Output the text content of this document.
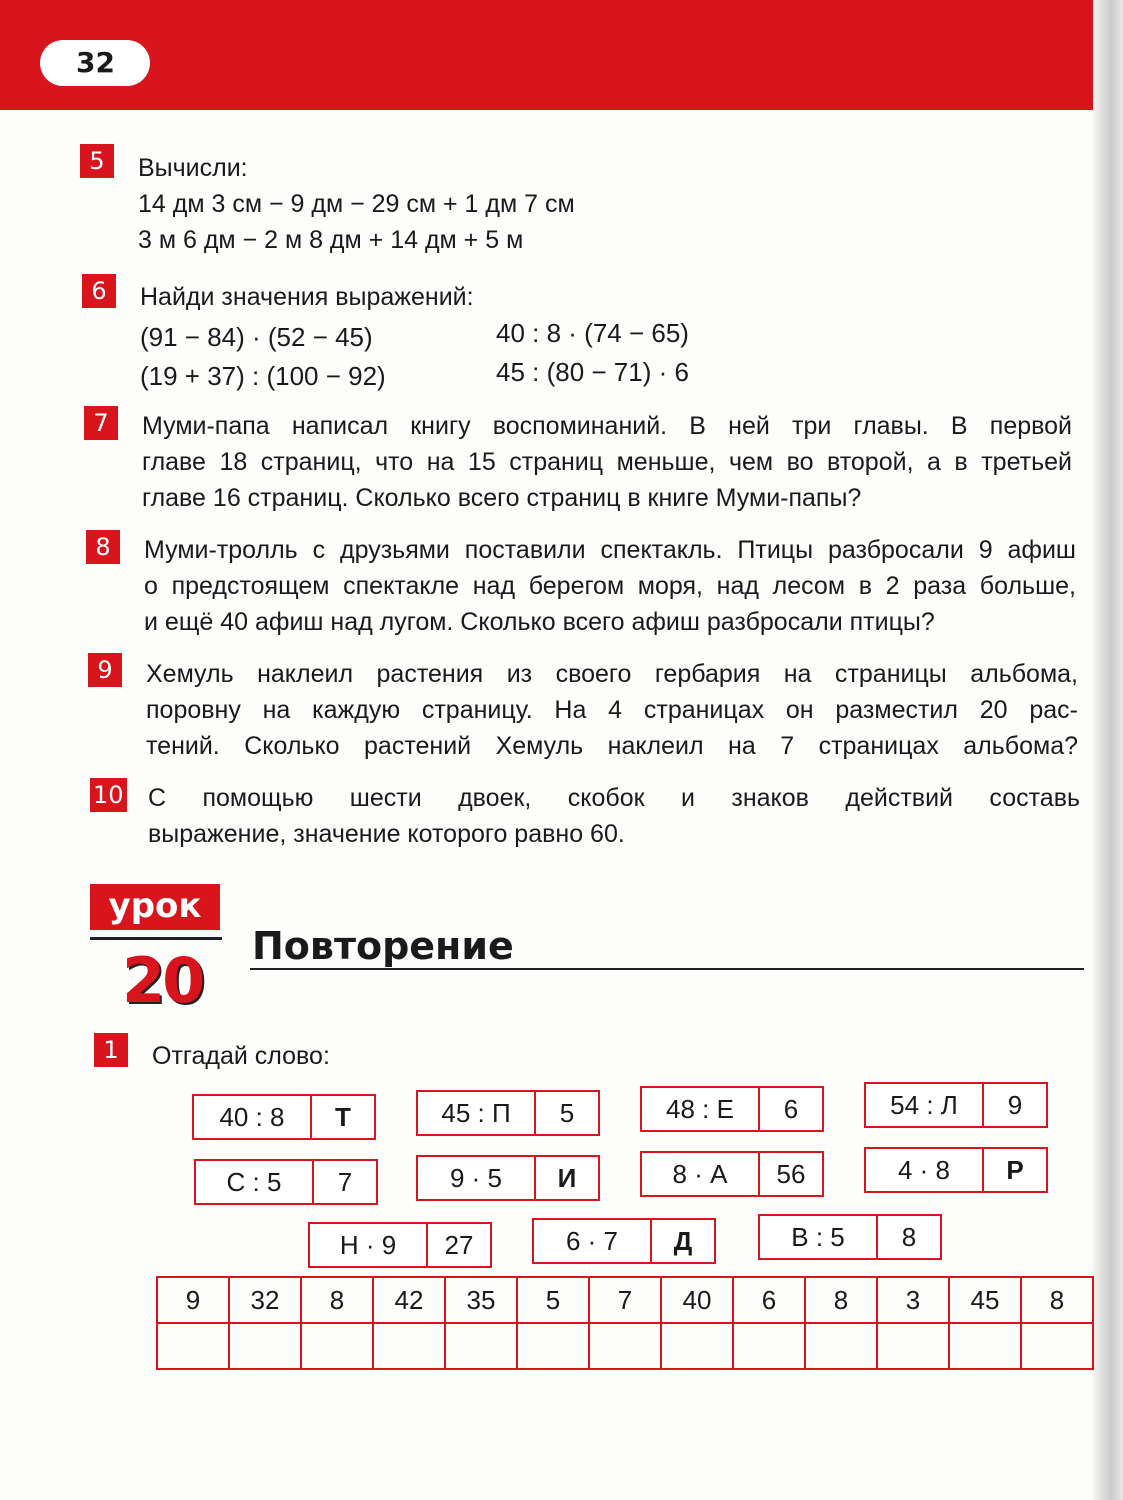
32
5	Вычисли:
14 дм 3 см − 9 дм − 29 см + 1 дм 7 см
3 м 6 дм − 2 м 8 дм + 14 дм + 5 м
6	Найди значения выражений:
(91 − 84) · (52 − 45)
(19 + 37) : (100 − 92)
40 : 8 · (74 − 65)
45 : (80 − 71) · 6
7	Муми-папа написал книгу воспоминаний. В ней три главы. В первой
главе 18 страниц, что на 15 страниц меньше, чем во второй, а в третьей
главе 16 страниц. Сколько всего страниц в книге Муми-папы?
8	Муми-тролль с друзьями поставили спектакль. Птицы разбросали 9 афиш
о предстоящем спектакле над берегом моря, над лесом в 2 раза больше,
и ещё 40 афиш над лугом. Сколько всего афиш разбросали птицы?
9	Хемуль наклеил растения из своего гербария на страницы альбома,
поровну на каждую страницу. На 4 страницах он разместил 20 рас-
тений. Сколько растений Хемуль наклеил на 7 страницах альбома?
10 С помощью шести двоек, скобок и знаков действий составь
выражение, значение которого равно 60.
урок
20 Повторение
1	Отгадай слово:
40 : 8	Т	45 : П	5	48 : Е	6	54 : Л	9
С : 5	7	9 · 5	И	8 · А	56	4 · 8	Р
Н · 9	27	6 · 7	Д	В : 5	8
9	32	8	42	35	5	7	40	6	8	3	45	8
